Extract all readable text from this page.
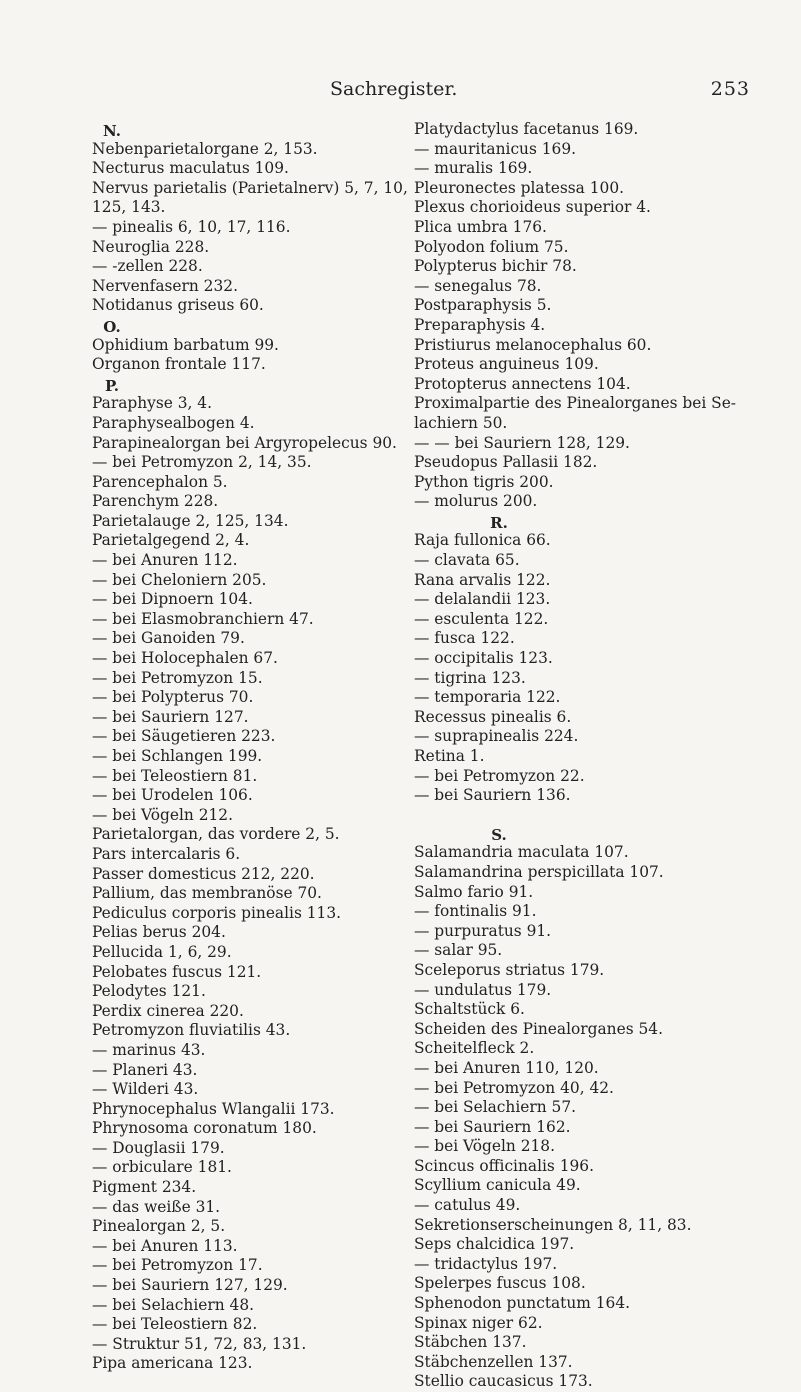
Sachregister.	253
N.
Nebenparietalorgane 2, 153.
Necturus maculatus 109.
Nervus parietalis (Parietalnerv) 5, 7, 10,
125, 143.
— pinealis 6, 10, 17, 116.
Neuroglia 228.
— -zellen 228.
Nervenfasern 232.
Notidanus griseus 60.
O.
Ophidium barbatum 99.
Organon frontale 117.
P.
Paraphyse 3, 4.
Paraphysealbogen 4.
Parapinealorgan bei Argyropelecus 90.
— bei Petromyzon 2, 14, 35.
Parencephalon 5.
Parenchym 228.
Parietalauge 2, 125, 134.
Parietalgegend 2, 4.
— bei Anuren 112.
— bei Cheloniern 205.
— bei Dipnoern 104.
— bei Elasmobranchiern 47.
— bei Ganoiden 79.
— bei Holocephalen 67.
— bei Petromyzon 15.
— bei Polypterus 70.
— bei Sauriern 127.
— bei Säugetieren 223.
— bei Schlangen 199.
— bei Teleostiern 81.
— bei Urodelen 106.
— bei Vögeln 212.
Parietalorgan, das vordere 2, 5.
Pars intercalaris 6.
Passer domesticus 212, 220.
Pallium, das membranöse 70.
Pediculus corporis pinealis 113.
Pelias berus 204.
Pellucida 1, 6, 29.
Pelobates fuscus 121.
Pelodytes 121.
Perdix cinerea 220.
Petromyzon fluviatilis 43.
— marinus 43.
— Planeri 43.
— Wilderi 43.
Phrynocephalus Wlangalii 173.
Phrynosoma coronatum 180.
— Douglasii 179.
— orbiculare 181.
Pigment 234.
— das weiße 31.
Pinealorgan 2, 5.
— bei Anuren 113.
— bei Petromyzon 17.
— bei Sauriern 127, 129.
— bei Selachiern 48.
— bei Teleostiern 82.
— Struktur 51, 72, 83, 131.
Pipa americana 123.
Platydactylus facetanus 169.
— mauritanicus 169.
— muralis 169.
Pleuronectes platessa 100.
Plexus chorioideus superior 4.
Plica umbra 176.
Polyodon folium 75.
Polypterus bichir 78.
— senegalus 78.
Postparaphysis 5.
Preparaphysis 4.
Pristiurus melanocephalus 60.
Proteus anguineus 109.
Protopterus annectens 104.
Proximalpartie des Pinealorganes bei Se-
lachiern 50.
— — bei Sauriern 128, 129.
Pseudopus Pallasii 182.
Python tigris 200.
— molurus 200.
R.
Raja fullonica 66.
— clavata 65.
Rana arvalis 122.
— delalandii 123.
— esculenta 122.
— fusca 122.
— occipitalis 123.
— tigrina 123.
— temporaria 122.
Recessus pinealis 6.
— suprapinealis 224.
Retina 1.
— bei Petromyzon 22.
— bei Sauriern 136.
S.
Salamandria maculata 107.
Salamandrina perspicillata 107.
Salmo fario 91.
— fontinalis 91.
— purpuratus 91.
— salar 95.
Sceleporus striatus 179.
— undulatus 179.
Schaltstück 6.
Scheiden des Pinealorganes 54.
Scheitelfleck 2.
— bei Anuren 110, 120.
— bei Petromyzon 40, 42.
— bei Selachiern 57.
— bei Sauriern 162.
— bei Vögeln 218.
Scincus officinalis 196.
Scyllium canicula 49.
— catulus 49.
Sekretionserscheinungen 8, 11, 83.
Seps chalcidica 197.
— tridactylus 197.
Spelerpes fuscus 108.
Sphenodon punctatum 164.
Spinax niger 62.
Stäbchen 137.
Stäbchenzellen 137.
Stellio caucasicus 173.
